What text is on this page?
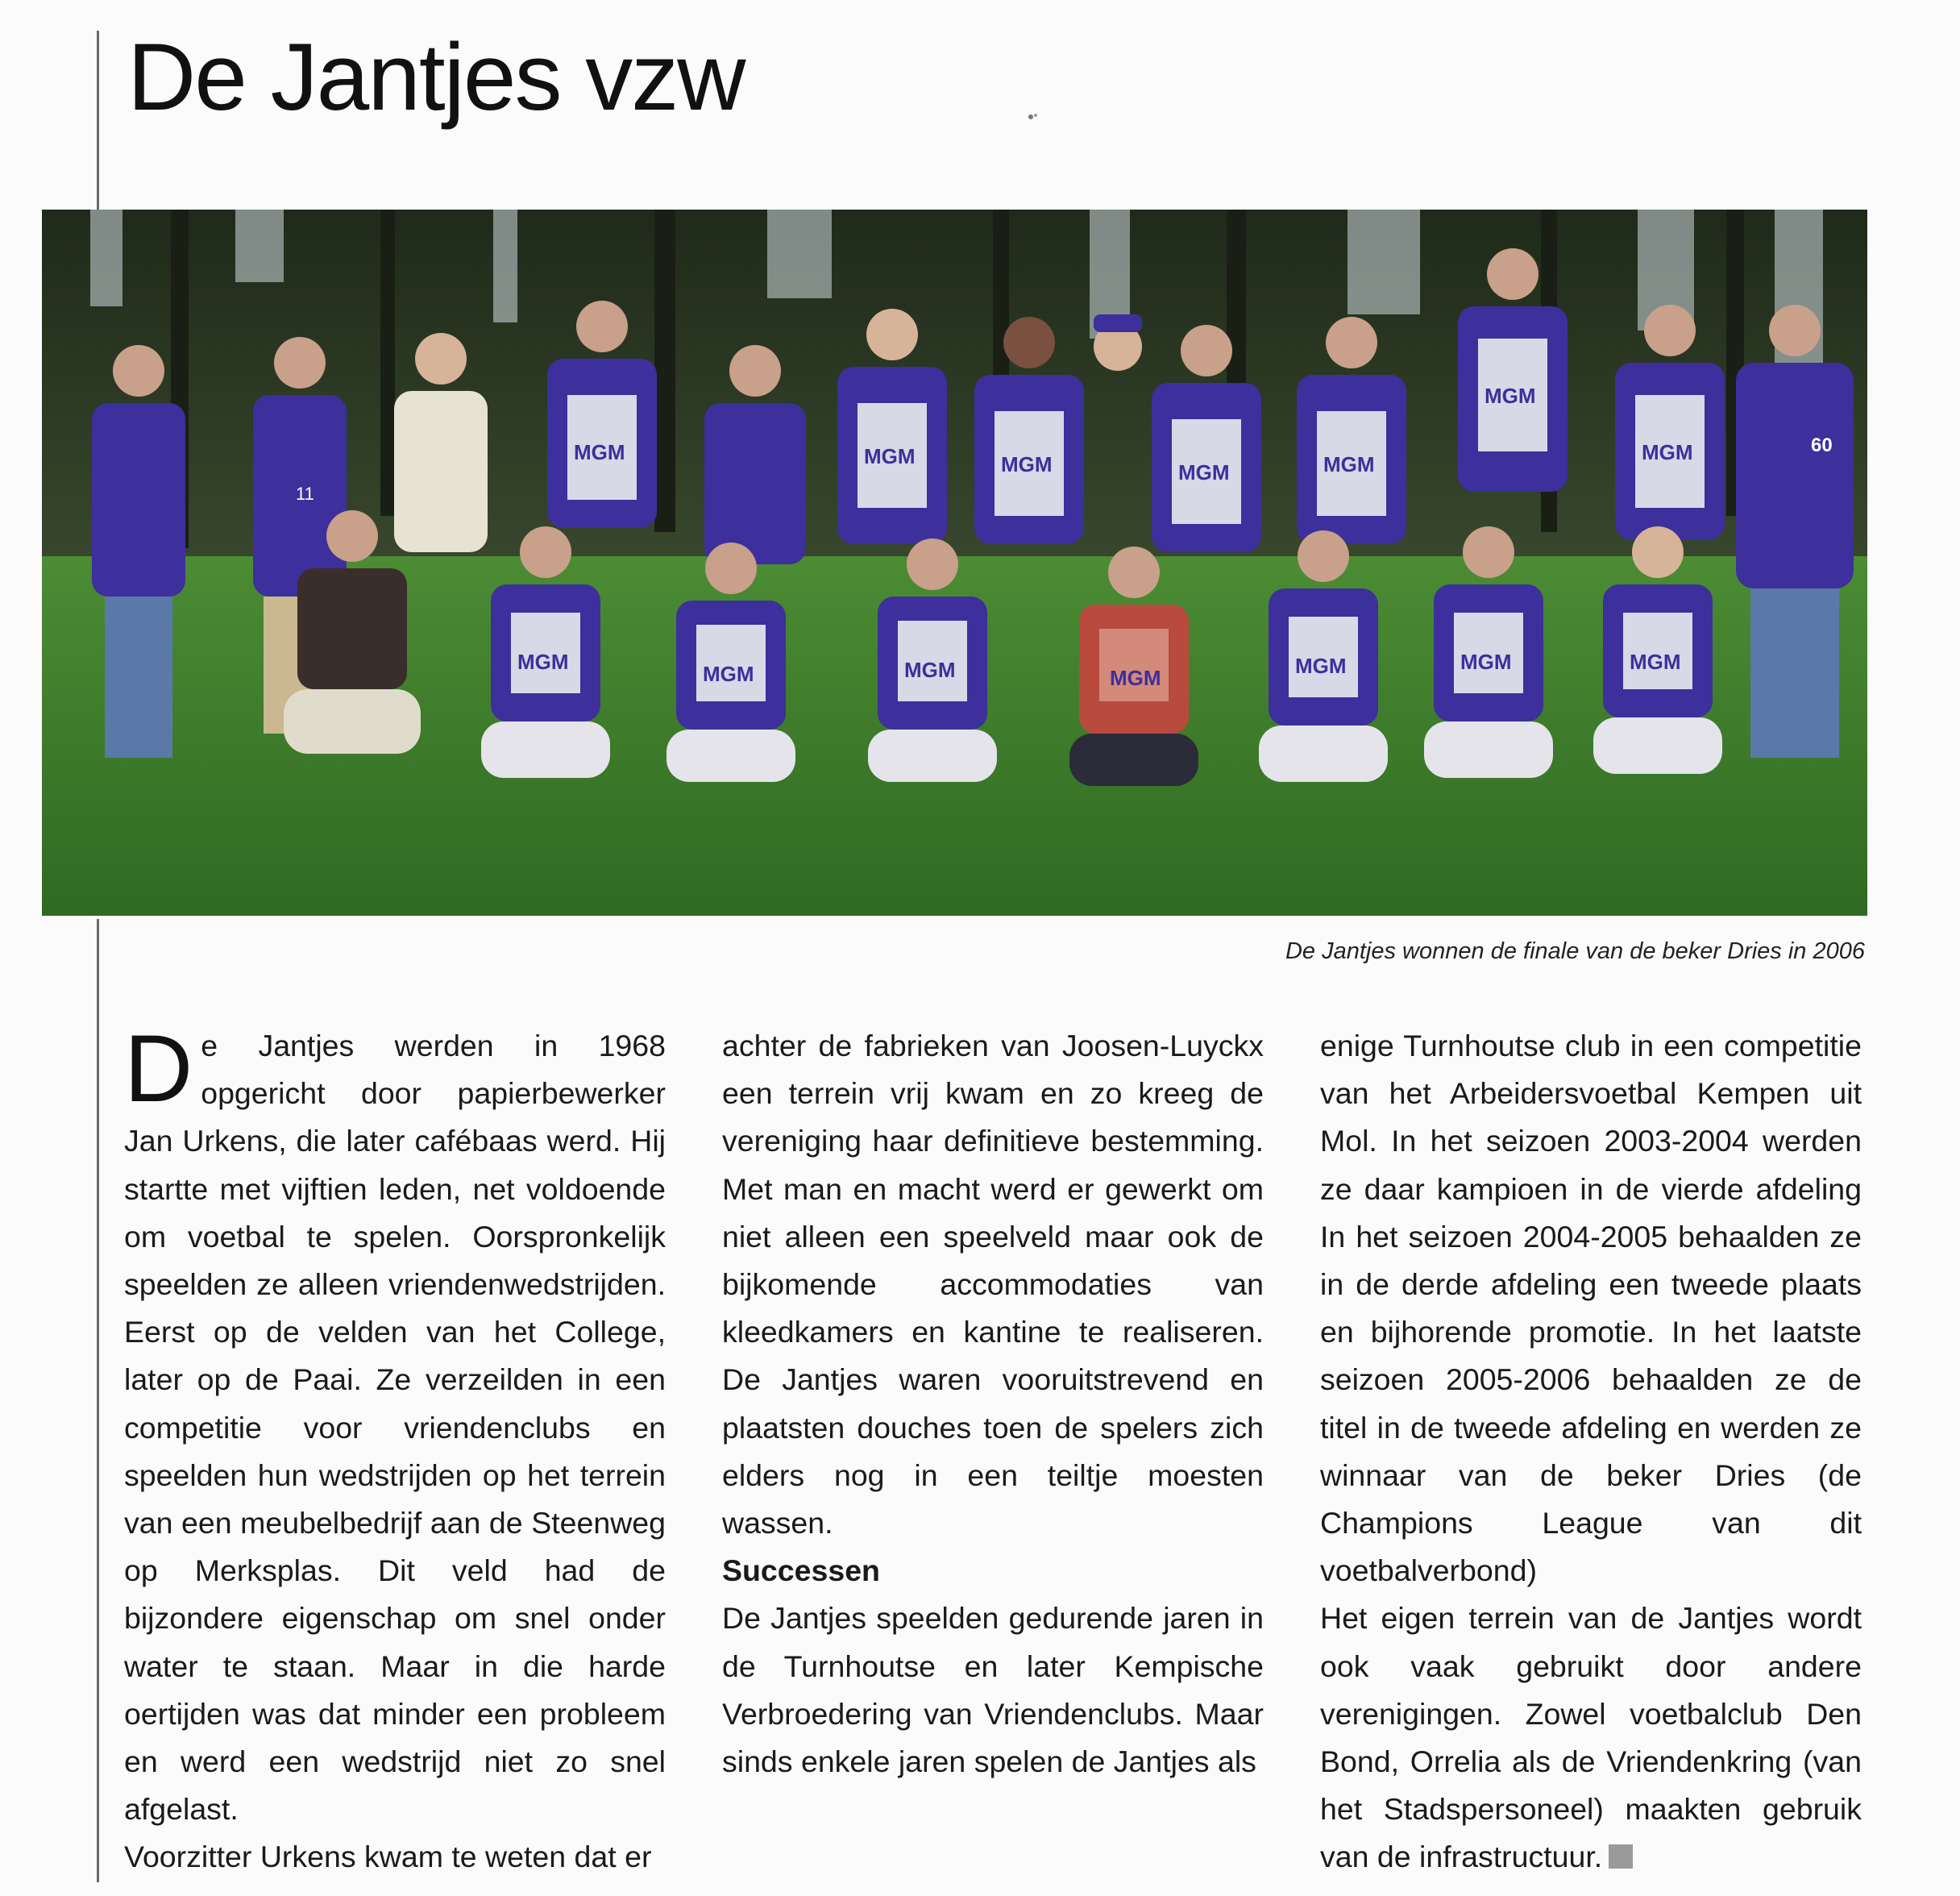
De Jantjes vzw
11
MGM	MGM	MGM	MGM	MGM
MGM
MGM	60
MGM	MGM	MGM	MGM	MGM	MGM	MGM
De Jantjes wonnen de finale van de beker Dries in 2006
D e Jantjes werden in 1968 opgericht door papierbewerker Jan Urkens, die later cafébaas werd. Hij startte met vijftien leden, net voldoende om voetbal te spelen. Oorspronkelijk speelden ze alleen vriendenwedstrijden. Eerst op de velden van het College, later op de Paai. Ze verzeilden in een competitie voor vriendenclubs en speelden hun wedstrijden op het terrein van een meubelbedrijf aan de Steenweg op Merksplas. Dit veld had de bijzondere eigenschap om snel onder water te staan. Maar in die harde oertijden was dat minder een probleem en werd een wedstrijd niet zo snel afgelast.

Voorzitter Urkens kwam te weten dat er

achter de fabrieken van Joosen-Luyckx een terrein vrij kwam en zo kreeg de vereniging haar definitieve bestemming. Met man en macht werd er gewerkt om niet alleen een speelveld maar ook de bijkomende accommodaties van kleedkamers en kantine te realiseren. De Jantjes waren vooruitstrevend en plaatsten douches toen de spelers zich elders nog in een teiltje moesten wassen.

Successen

De Jantjes speelden gedurende jaren in de Turnhoutse en later Kempische Verbroedering van Vriendenclubs. Maar sinds enkele jaren spelen de Jantjes als

enige Turnhoutse club in een competitie van het Arbeidersvoetbal Kempen uit Mol. In het seizoen 2003-2004 werden ze daar kampioen in de vierde afdeling In het seizoen 2004-2005 behaalden ze in de derde afdeling een tweede plaats en bijhorende promotie. In het laatste seizoen 2005-2006 behaalden ze de titel in de tweede afdeling en werden ze winnaar van de beker Dries (de Champions League van dit voetbalverbond)

Het eigen terrein van de Jantjes wordt ook vaak gebruikt door andere verenigingen. Zowel voetbalclub Den Bond, Orrelia als de Vriendenkring (van het Stadspersoneel) maakten gebruik van de infrastructuur.
